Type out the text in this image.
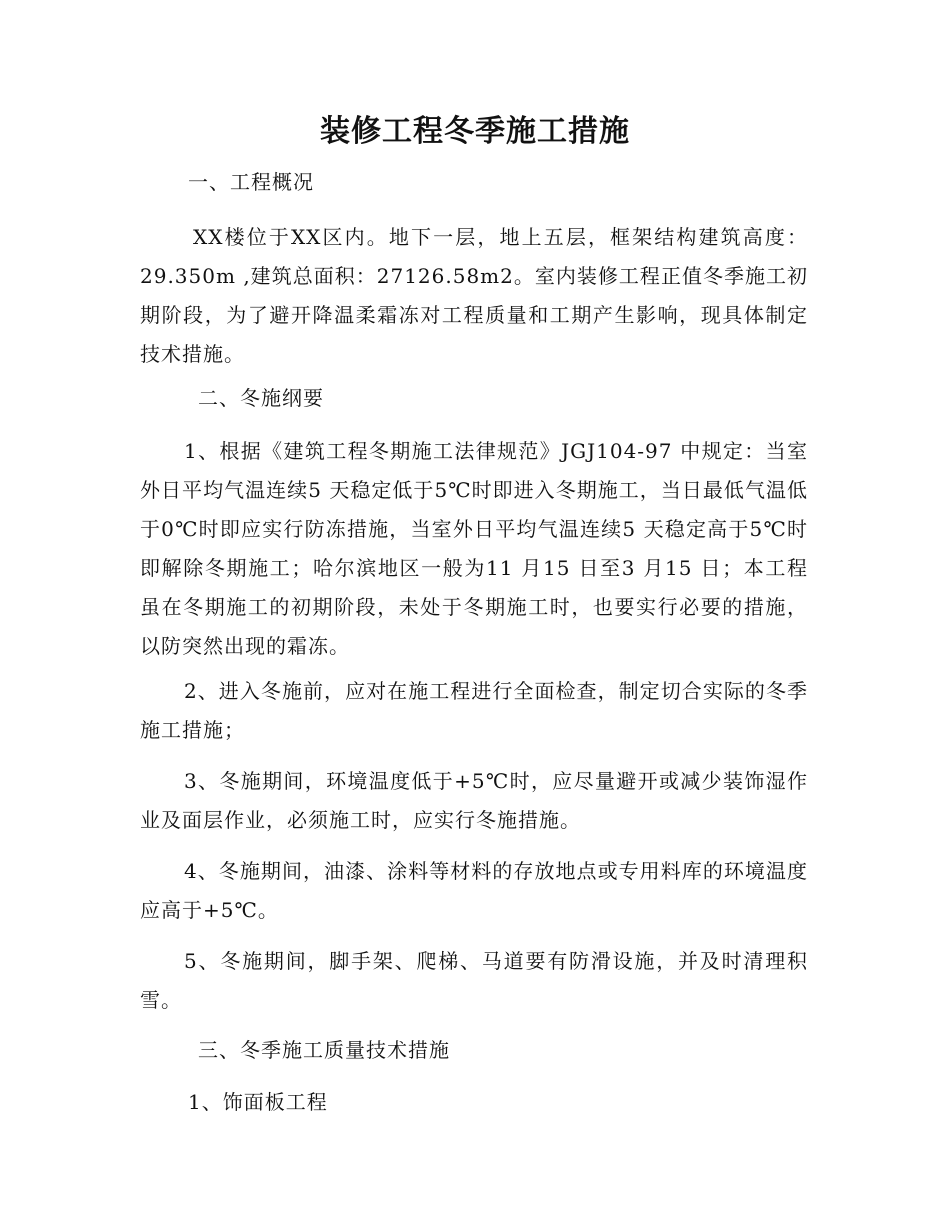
装修工程冬季施工措施
一、工程概况
XX楼位于XX区内。地下一层，地上五层，框架结构建筑高度：29.350m ,建筑总面积：27126.58m2。室内装修工程正值冬季施工初期阶段，为了避开降温柔霜冻对工程质量和工期产生影响，现具体制定技术措施。
二、冬施纲要
1、根据《建筑工程冬期施工法律规范》JGJ104-97 中规定：当室外日平均气温连续5 天稳定低于5℃时即进入冬期施工，当日最低气温低于0℃时即应实行防冻措施，当室外日平均气温连续5 天稳定高于5℃时即解除冬期施工；哈尔滨地区一般为11 月15 日至3 月15 日；本工程虽在冬期施工的初期阶段，未处于冬期施工时，也要实行必要的措施，以防突然出现的霜冻。
2、进入冬施前，应对在施工程进行全面检查，制定切合实际的冬季施工措施；
3、冬施期间，环境温度低于+5℃时，应尽量避开或减少装饰湿作业及面层作业，必须施工时，应实行冬施措施。
4、冬施期间，油漆、涂料等材料的存放地点或专用料库的环境温度应高于+5℃。
5、冬施期间，脚手架、爬梯、马道要有防滑设施，并及时清理积雪。
三、冬季施工质量技术措施
1、饰面板工程
